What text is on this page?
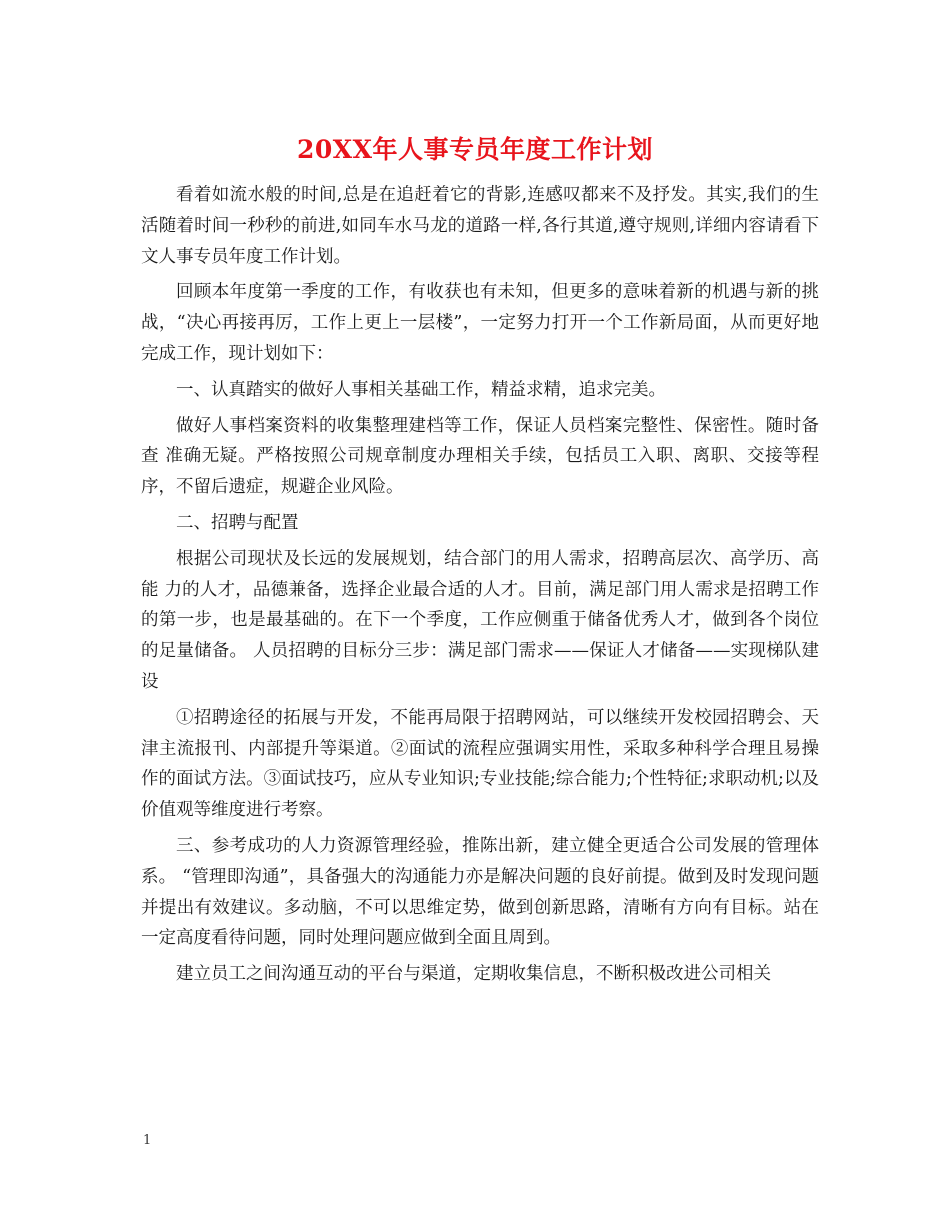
20XX年人事专员年度工作计划

看着如流水般的时间,总是在追赶着它的背影,连感叹都来不及抒发。其实,我们的生活随着时间一秒秒的前进,如同车水马龙的道路一样,各行其道,遵守规则,详细内容请看下文人事专员年度工作计划。

回顾本年度第一季度的工作，有收获也有未知，但更多的意味着新的机遇与新的挑战，“决心再接再厉，工作上更上一层楼”，一定努力打开一个工作新局面，从而更好地完成工作，现计划如下：

一、认真踏实的做好人事相关基础工作，精益求精，追求完美。

做好人事档案资料的收集整理建档等工作，保证人员档案完整性、保密性。随时备查 准确无疑。严格按照公司规章制度办理相关手续，包括员工入职、离职、交接等程序，不留后遗症，规避企业风险。

二、招聘与配置

根据公司现状及长远的发展规划，结合部门的用人需求，招聘高层次、高学历、高能 力的人才，品德兼备，选择企业最合适的人才。目前，满足部门用人需求是招聘工作的第一步，也是最基础的。在下一个季度，工作应侧重于储备优秀人才，做到各个岗位的足量储备。 人员招聘的目标分三步：满足部门需求——保证人才储备——实现梯队建设

①招聘途径的拓展与开发，不能再局限于招聘网站，可以继续开发校园招聘会、天津主流报刊、内部提升等渠道。②面试的流程应强调实用性，采取多种科学合理且易操作的面试方法。③面试技巧，应从专业知识;专业技能;综合能力;个性特征;求职动机;以及价值观等维度进行考察。

三、参考成功的人力资源管理经验，推陈出新，建立健全更适合公司发展的管理体系。 “管理即沟通”，具备强大的沟通能力亦是解决问题的良好前提。做到及时发现问题并提出有效建议。多动脑，不可以思维定势，做到创新思路，清晰有方向有目标。站在一定高度看待问题，同时处理问题应做到全面且周到。

建立员工之间沟通互动的平台与渠道，定期收集信息，不断积极改进公司相关

1
